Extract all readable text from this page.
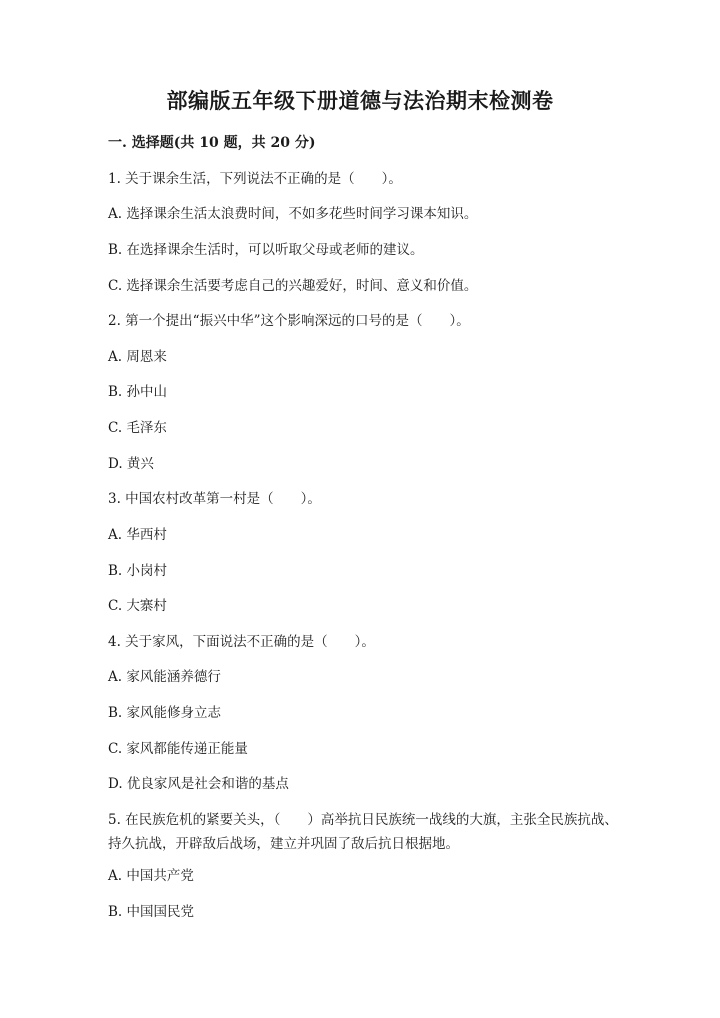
部编版五年级下册道德与法治期末检测卷
一. 选择题(共 10 题，共 20 分)
1. 关于课余生活，下列说法不正确的是（　　）。
A. 选择课余生活太浪费时间，不如多花些时间学习课本知识。
B. 在选择课余生活时，可以听取父母或老师的建议。
C. 选择课余生活要考虑自己的兴趣爱好，时间、意义和价值。
2. 第一个提出“振兴中华”这个影响深远的口号的是（　　）。
A. 周恩来
B. 孙中山
C. 毛泽东
D. 黄兴
3. 中国农村改革第一村是（　　）。
A. 华西村
B. 小岗村
C. 大寨村
4. 关于家风，下面说法不正确的是（　　）。
A. 家风能涵养德行
B. 家风能修身立志
C. 家风都能传递正能量
D. 优良家风是社会和谐的基点
5. 在民族危机的紧要关头，（　　）高举抗日民族统一战线的大旗，主张全民族抗战、持久抗战，开辟敌后战场，建立并巩固了敌后抗日根据地。
A. 中国共产党
B. 中国国民党
